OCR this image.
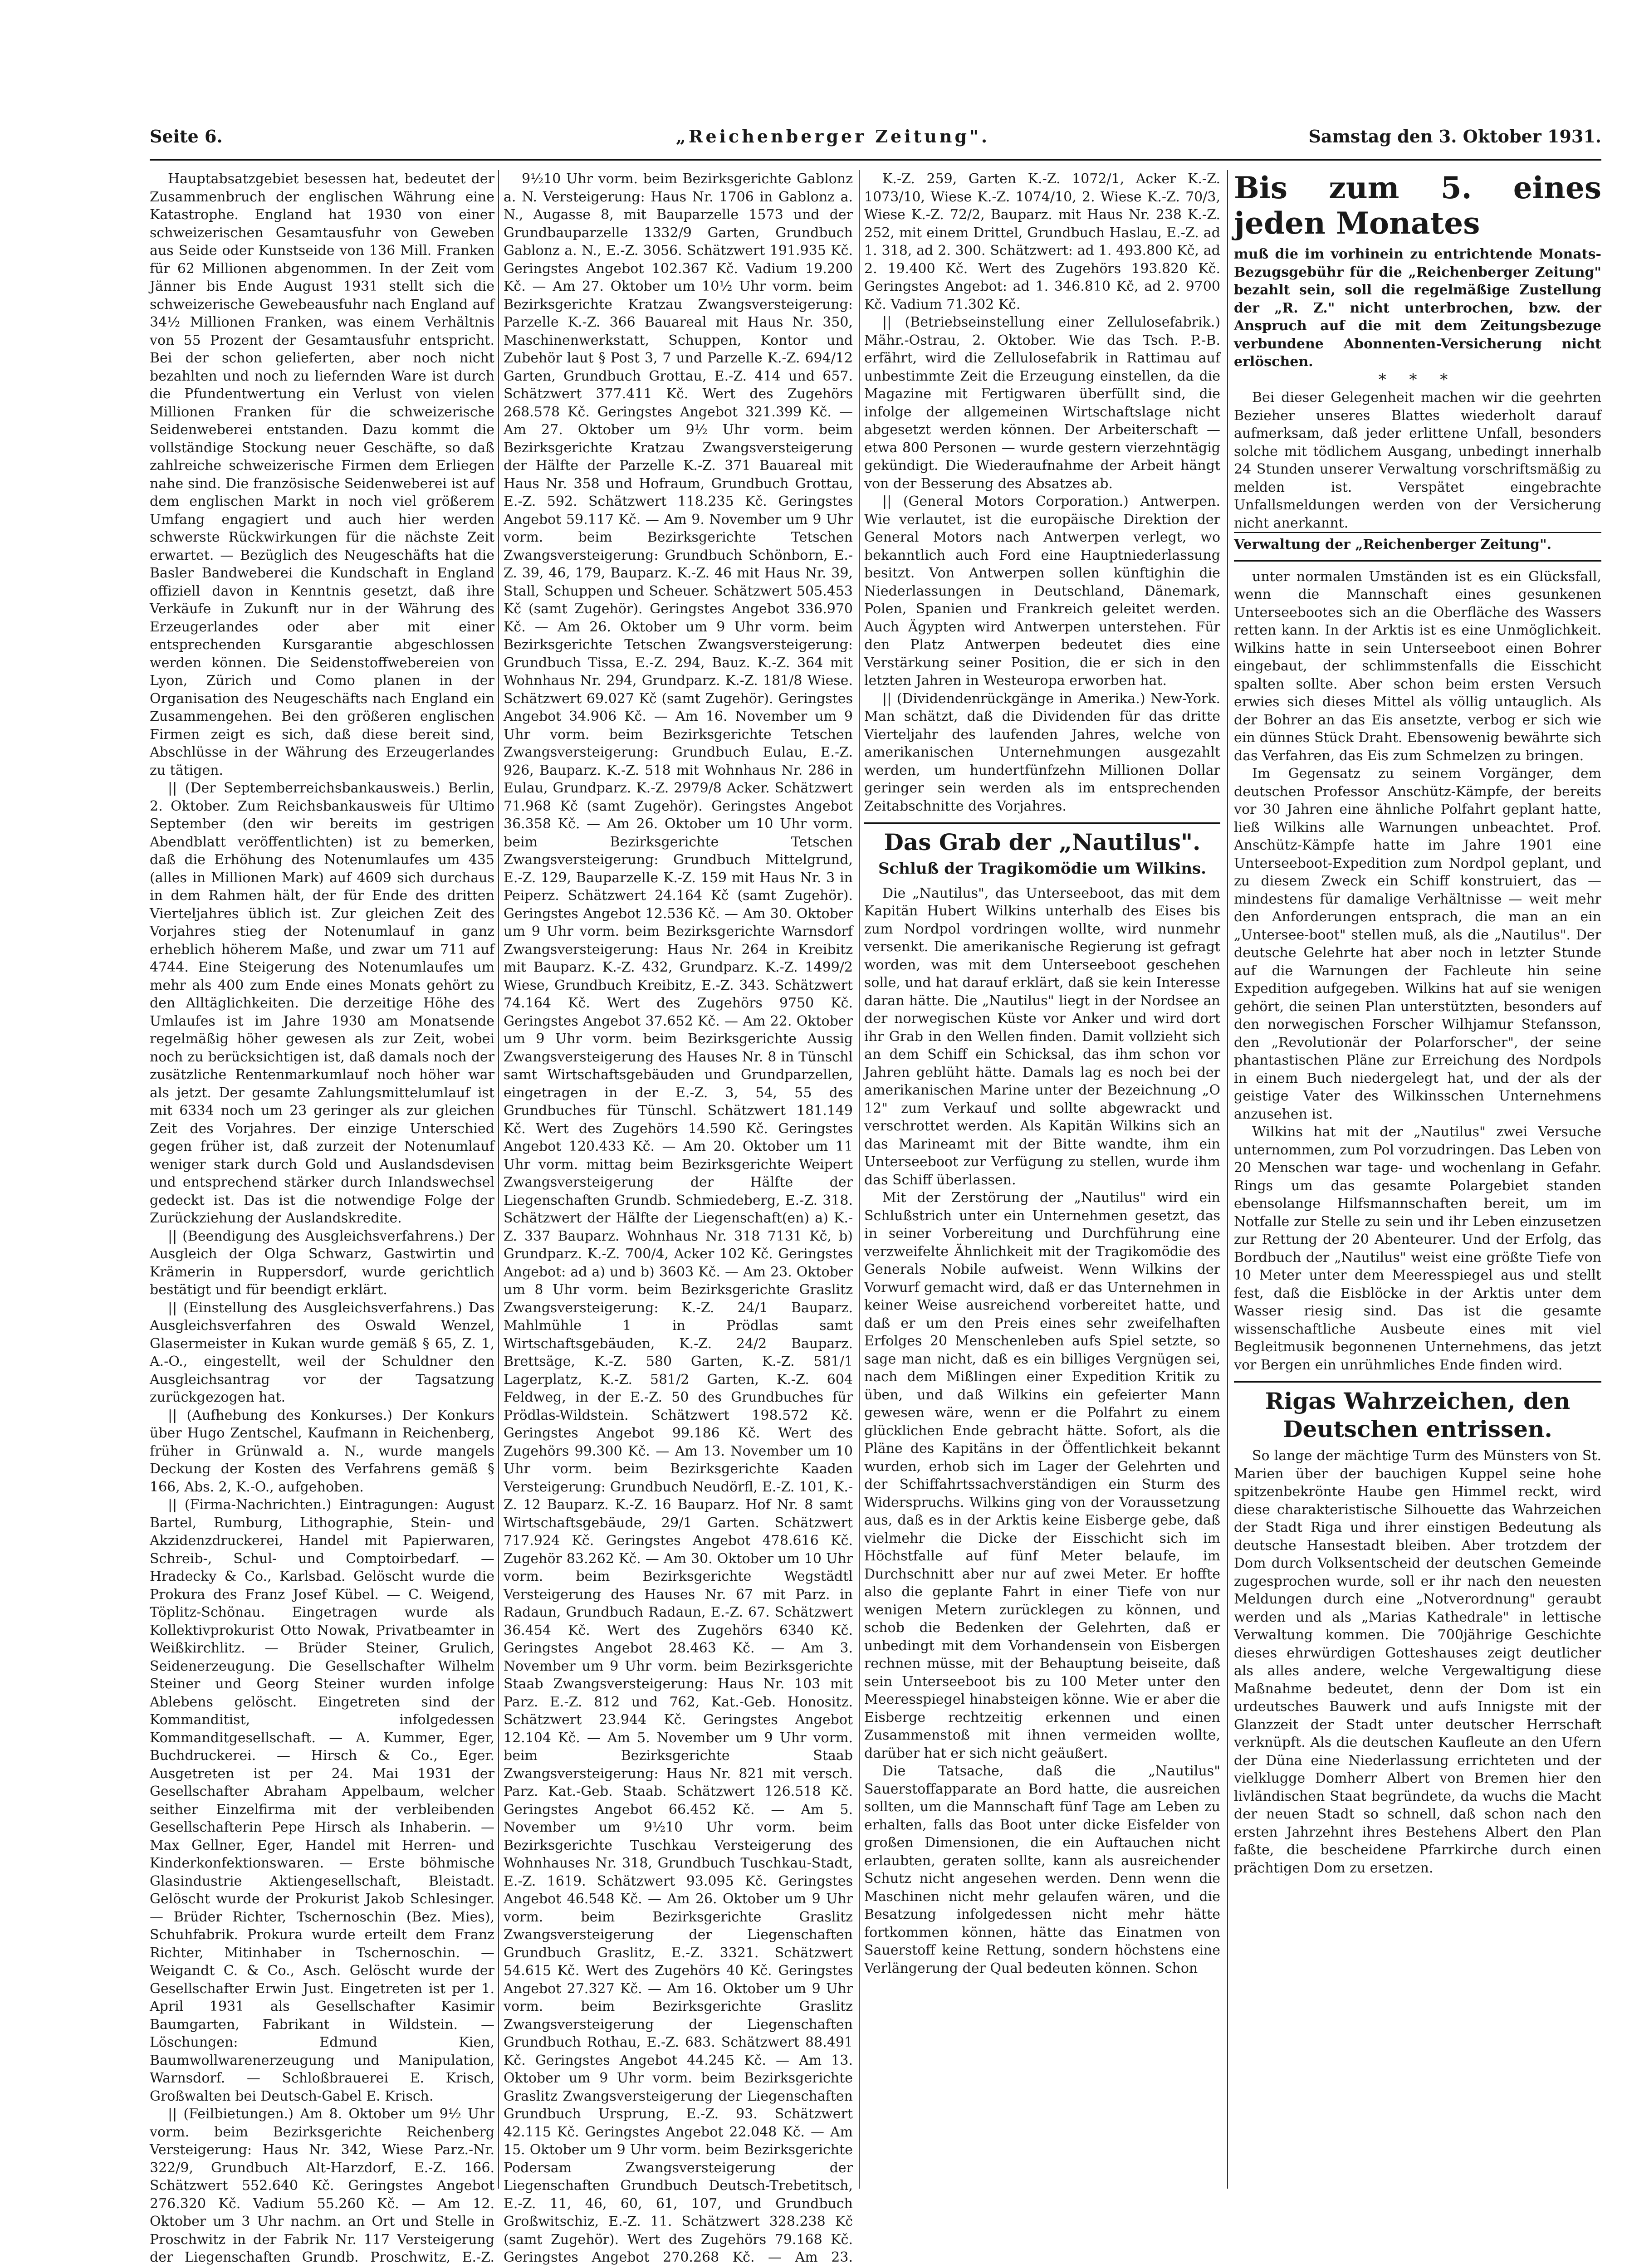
Seite 6.	„Reichenberger Zeitung".	Samstag den 3. Oktober 1931.

Hauptabsatzgebiet besessen hat, bedeutet der Zusammenbruch der englischen Währung eine Katastrophe. England hat 1930 von einer schweizerischen Gesamtausfuhr von Geweben aus Seide oder Kunstseide von 136 Mill. Franken für 62 Millionen abgenommen. In der Zeit vom Jänner bis Ende August 1931 stellt sich die schweizerische Gewebeausfuhr nach England auf 34½ Millionen Franken, was einem Verhältnis von 55 Prozent der Gesamtausfuhr entspricht. Bei der schon gelieferten, aber noch nicht bezahlten und noch zu liefernden Ware ist durch die Pfundentwertung ein Verlust von vielen Millionen Franken für die schweizerische Seidenweberei entstanden. Dazu kommt die vollständige Stockung neuer Geschäfte, so daß zahlreiche schweizerische Firmen dem Erliegen nahe sind. Die französische Seidenweberei ist auf dem englischen Markt in noch viel größerem Umfang engagiert und auch hier werden schwerste Rückwirkungen für die nächste Zeit erwartet. — Bezüglich des Neugeschäfts hat die Basler Bandweberei die Kundschaft in England offiziell davon in Kenntnis gesetzt, daß ihre Verkäufe in Zukunft nur in der Währung des Erzeugerlandes oder aber mit einer entsprechenden Kursgarantie abgeschlossen werden können. Die Seidenstoffwebereien von Lyon, Zürich und Como planen in der Organisation des Neugeschäfts nach England ein Zusammengehen. Bei den größeren englischen Firmen zeigt es sich, daß diese bereit sind, Abschlüsse in der Währung des Erzeugerlandes zu tätigen.

|| (Der Septemberreichsbankausweis.) Berlin, 2. Oktober. Zum Reichsbankausweis für Ultimo September (den wir bereits im gestrigen Abendblatt veröffentlichten) ist zu bemerken, daß die Erhöhung des Notenumlaufes um 435 (alles in Millionen Mark) auf 4609 sich durchaus in dem Rahmen hält, der für Ende des dritten Vierteljahres üblich ist. Zur gleichen Zeit des Vorjahres stieg der Notenumlauf in ganz erheblich höherem Maße, und zwar um 711 auf 4744. Eine Steigerung des Notenumlaufes um mehr als 400 zum Ende eines Monats gehört zu den Alltäglichkeiten. Die derzeitige Höhe des Umlaufes ist im Jahre 1930 am Monatsende regelmäßig höher gewesen als zur Zeit, wobei noch zu berücksichtigen ist, daß damals noch der zusätzliche Rentenmarkumlauf noch höher war als jetzt. Der gesamte Zahlungsmittelumlauf ist mit 6334 noch um 23 geringer als zur gleichen Zeit des Vorjahres. Der einzige Unterschied gegen früher ist, daß zurzeit der Notenumlauf weniger stark durch Gold und Auslandsdevisen und entsprechend stärker durch Inlandswechsel gedeckt ist. Das ist die notwendige Folge der Zurückziehung der Auslandskredite.

|| (Beendigung des Ausgleichsverfahrens.) Der Ausgleich der Olga Schwarz, Gastwirtin und Krämerin in Ruppersdorf, wurde gerichtlich bestätigt und für beendigt erklärt.

|| (Einstellung des Ausgleichsverfahrens.) Das Ausgleichsverfahren des Oswald Wenzel, Glasermeister in Kukan wurde gemäß § 65, Z. 1, A.-O., eingestellt, weil der Schuldner den Ausgleichsantrag vor der Tagsatzung zurückgezogen hat.

|| (Aufhebung des Konkurses.) Der Konkurs über Hugo Zentschel, Kaufmann in Reichenberg, früher in Grünwald a. N., wurde mangels Deckung der Kosten des Verfahrens gemäß § 166, Abs. 2, K.-O., aufgehoben.

|| (Firma-Nachrichten.) Eintragungen: August Bartel, Rumburg, Lithographie, Stein- und Akzidenzdruckerei, Handel mit Papierwaren, Schreib-, Schul- und Comptoirbedarf. — Hradecky & Co., Karlsbad. Gelöscht wurde die Prokura des Franz Josef Kübel. — C. Weigend, Töplitz-Schönau. Eingetragen wurde als Kollektivprokurist Otto Nowak, Privatbeamter in Weißkirchlitz. — Brüder Steiner, Grulich, Seidenerzeugung. Die Gesellschafter Wilhelm Steiner und Georg Steiner wurden infolge Ablebens gelöscht. Eingetreten sind der Kommanditist, infolgedessen Kommanditgesellschaft. — A. Kummer, Eger, Buchdruckerei. — Hirsch & Co., Eger. Ausgetreten ist per 24. Mai 1931 der Gesellschafter Abraham Appelbaum, welcher seither Einzelfirma mit der verbleibenden Gesellschafterin Pepe Hirsch als Inhaberin. — Max Gellner, Eger, Handel mit Herren- und Kinderkonfektionswaren. — Erste böhmische Glasindustrie Aktiengesellschaft, Bleistadt. Gelöscht wurde der Prokurist Jakob Schlesinger. — Brüder Richter, Tschernoschin (Bez. Mies), Schuhfabrik. Prokura wurde erteilt dem Franz Richter, Mitinhaber in Tschernoschin. — Weigandt C. & Co., Asch. Gelöscht wurde der Gesellschafter Erwin Just. Eingetreten ist per 1. April 1931 als Gesellschafter Kasimir Baumgarten, Fabrikant in Wildstein. — Löschungen: Edmund Kien, Baumwollwarenerzeugung und Manipulation, Warnsdorf. — Schloßbrauerei E. Krisch, Großwalten bei Deutsch-Gabel E. Krisch.

|| (Feilbietungen.) Am 8. Oktober um 9½ Uhr vorm. beim Bezirksgerichte Reichenberg Versteigerung: Haus Nr. 342, Wiese Parz.-Nr. 322/9, Grundbuch Alt-Harzdorf, E.-Z. 166. Schätzwert 552.640 Kč. Geringstes Angebot 276.320 Kč. Vadium 55.260 Kč. — Am 12. Oktober um 3 Uhr nachm. an Ort und Stelle in Proschwitz in der Fabrik Nr. 117 Versteigerung der Liegenschaften Grundb. Proschwitz, E.-Z.

9½10 Uhr vorm. beim Bezirksgerichte Gablonz a. N. Versteigerung: Haus Nr. 1706 in Gablonz a. N., Augasse 8, mit Bauparzelle 1573 und der Grundbauparzelle 1332/9 Garten, Grundbuch Gablonz a. N., E.-Z. 3056. Schätzwert 191.935 Kč. Geringstes Angebot 102.367 Kč. Vadium 19.200 Kč. — Am 27. Oktober um 10½ Uhr vorm. beim Bezirksgerichte Kratzau Zwangsversteigerung: Parzelle K.-Z. 366 Bauareal mit Haus Nr. 350, Maschinenwerkstatt, Schuppen, Kontor und Zubehör laut § Post 3, 7 und Parzelle K.-Z. 694/12 Garten, Grundbuch Grottau, E.-Z. 414 und 657. Schätzwert 377.411 Kč. Wert des Zugehörs 268.578 Kč. Geringstes Angebot 321.399 Kč. — Am 27. Oktober um 9½ Uhr vorm. beim Bezirksgerichte Kratzau Zwangsversteigerung der Hälfte der Parzelle K.-Z. 371 Bauareal mit Haus Nr. 358 und Hofraum, Grundbuch Grottau, E.-Z. 592. Schätzwert 118.235 Kč. Geringstes Angebot 59.117 Kč. — Am 9. November um 9 Uhr vorm. beim Bezirksgerichte Tetschen Zwangsversteigerung: Grundbuch Schönborn, E.-Z. 39, 46, 179, Bauparz. K.-Z. 46 mit Haus Nr. 39, Stall, Schuppen und Scheuer. Schätzwert 505.453 Kč (samt Zugehör). Geringstes Angebot 336.970 Kč. — Am 26. Oktober um 9 Uhr vorm. beim Bezirksgerichte Tetschen Zwangsversteigerung: Grundbuch Tissa, E.-Z. 294, Bauz. K.-Z. 364 mit Wohnhaus Nr. 294, Grundparz. K.-Z. 181/8 Wiese. Schätzwert 69.027 Kč (samt Zugehör). Geringstes Angebot 34.906 Kč. — Am 16. November um 9 Uhr vorm. beim Bezirksgerichte Tetschen Zwangsversteigerung: Grundbuch Eulau, E.-Z. 926, Bauparz. K.-Z. 518 mit Wohnhaus Nr. 286 in Eulau, Grundparz. K.-Z. 2979/8 Acker. Schätzwert 71.968 Kč (samt Zugehör). Geringstes Angebot 36.358 Kč. — Am 26. Oktober um 10 Uhr vorm. beim Bezirksgerichte Tetschen Zwangsversteigerung: Grundbuch Mittelgrund, E.-Z. 129, Bauparzelle K.-Z. 159 mit Haus Nr. 3 in Peiperz. Schätzwert 24.164 Kč (samt Zugehör). Geringstes Angebot 12.536 Kč. — Am 30. Oktober um 9 Uhr vorm. beim Bezirksgerichte Warnsdorf Zwangsversteigerung: Haus Nr. 264 in Kreibitz mit Bauparz. K.-Z. 432, Grundparz. K.-Z. 1499/2 Wiese, Grundbuch Kreibitz, E.-Z. 343. Schätzwert 74.164 Kč. Wert des Zugehörs 9750 Kč. Geringstes Angebot 37.652 Kč. — Am 22. Oktober um 9 Uhr vorm. beim Bezirksgerichte Aussig Zwangsversteigerung des Hauses Nr. 8 in Tünschl samt Wirtschaftsgebäuden und Grundparzellen, eingetragen in der E.-Z. 3, 54, 55 des Grundbuches für Tünschl. Schätzwert 181.149 Kč. Wert des Zugehörs 14.590 Kč. Geringstes Angebot 120.433 Kč. — Am 20. Oktober um 11 Uhr vorm. mittag beim Bezirksgerichte Weipert Zwangsversteigerung der Hälfte der Liegenschaften Grundb. Schmiedeberg, E.-Z. 318. Schätzwert der Hälfte der Liegenschaft(en) a) K.-Z. 337 Bauparz. Wohnhaus Nr. 318 7131 Kč, b) Grundparz. K.-Z. 700/4, Acker 102 Kč. Geringstes Angebot: ad a) und b) 3603 Kč. — Am 23. Oktober um 8 Uhr vorm. beim Bezirksgerichte Graslitz Zwangsversteigerung: K.-Z. 24/1 Bauparz. Mahlmühle 1 in Prödlas samt Wirtschaftsgebäuden, K.-Z. 24/2 Bauparz. Brettsäge, K.-Z. 580 Garten, K.-Z. 581/1 Lagerplatz, K.-Z. 581/2 Garten, K.-Z. 604 Feldweg, in der E.-Z. 50 des Grundbuches für Prödlas-Wildstein. Schätzwert 198.572 Kč. Geringstes Angebot 99.186 Kč. Wert des Zugehörs 99.300 Kč. — Am 13. November um 10 Uhr vorm. beim Bezirksgerichte Kaaden Versteigerung: Grundbuch Neudörfl, E.-Z. 101, K.-Z. 12 Bauparz. K.-Z. 16 Bauparz. Hof Nr. 8 samt Wirtschaftsgebäude, 29/1 Garten. Schätzwert 717.924 Kč. Geringstes Angebot 478.616 Kč. Zugehör 83.262 Kč. — Am 30. Oktober um 10 Uhr vorm. beim Bezirksgerichte Wegstädtl Versteigerung des Hauses Nr. 67 mit Parz. in Radaun, Grundbuch Radaun, E.-Z. 67. Schätzwert 36.454 Kč. Wert des Zugehörs 6340 Kč. Geringstes Angebot 28.463 Kč. — Am 3. November um 9 Uhr vorm. beim Bezirksgerichte Staab Zwangsversteigerung: Haus Nr. 103 mit Parz. E.-Z. 812 und 762, Kat.-Geb. Honositz. Schätzwert 23.944 Kč. Geringstes Angebot 12.104 Kč. — Am 5. November um 9 Uhr vorm. beim Bezirksgerichte Staab Zwangsversteigerung: Haus Nr. 821 mit versch. Parz. Kat.-Geb. Staab. Schätzwert 126.518 Kč. Geringstes Angebot 66.452 Kč. — Am 5. November um 9½10 Uhr vorm. beim Bezirksgerichte Tuschkau Versteigerung des Wohnhauses Nr. 318, Grundbuch Tuschkau-Stadt, E.-Z. 1619. Schätzwert 93.095 Kč. Geringstes Angebot 46.548 Kč. — Am 26. Oktober um 9 Uhr vorm. beim Bezirksgerichte Graslitz Zwangsversteigerung der Liegenschaften Grundbuch Graslitz, E.-Z. 3321. Schätzwert 54.615 Kč. Wert des Zugehörs 40 Kč. Geringstes Angebot 27.327 Kč. — Am 16. Oktober um 9 Uhr vorm. beim Bezirksgerichte Graslitz Zwangsversteigerung der Liegenschaften Grundbuch Rothau, E.-Z. 683. Schätzwert 88.491 Kč. Geringstes Angebot 44.245 Kč. — Am 13. Oktober um 9 Uhr vorm. beim Bezirksgerichte Graslitz Zwangsversteigerung der Liegenschaften Grundbuch Ursprung, E.-Z. 93. Schätzwert 42.115 Kč. Geringstes Angebot 22.048 Kč. — Am 15. Oktober um 9 Uhr vorm. beim Bezirksgerichte Podersam Zwangsversteigerung der Liegenschaften Grundbuch Deutsch-Trebetitsch, E.-Z. 11, 46, 60, 61, 107, und Grundbuch Großwitschiz, E.-Z. 11. Schätzwert 328.238 Kč (samt Zugehör). Wert des Zugehörs 79.168 Kč. Geringstes Angebot 270.268 Kč. — Am 23.

K.-Z. 259, Garten K.-Z. 1072/1, Acker K.-Z. 1073/10, Wiese K.-Z. 1074/10, 2. Wiese K.-Z. 70/3, Wiese K.-Z. 72/2, Bauparz. mit Haus Nr. 238 K.-Z. 252, mit einem Drittel, Grundbuch Haslau, E.-Z. ad 1. 318, ad 2. 300. Schätzwert: ad 1. 493.800 Kč, ad 2. 19.400 Kč. Wert des Zugehörs 193.820 Kč. Geringstes Angebot: ad 1. 346.810 Kč, ad 2. 9700 Kč. Vadium 71.302 Kč.

|| (Betriebseinstellung einer Zellulosefabrik.) Mähr.-Ostrau, 2. Oktober. Wie das Tsch. P.-B. erfährt, wird die Zellulosefabrik in Rattimau auf unbestimmte Zeit die Erzeugung einstellen, da die Magazine mit Fertigwaren überfüllt sind, die infolge der allgemeinen Wirtschaftslage nicht abgesetzt werden können. Der Arbeiterschaft — etwa 800 Personen — wurde gestern vierzehntägig gekündigt. Die Wiederaufnahme der Arbeit hängt von der Besserung des Absatzes ab.

|| (General Motors Corporation.) Antwerpen. Wie verlautet, ist die europäische Direktion der General Motors nach Antwerpen verlegt, wo bekanntlich auch Ford eine Hauptniederlassung besitzt. Von Antwerpen sollen künftighin die Niederlassungen in Deutschland, Dänemark, Polen, Spanien und Frankreich geleitet werden. Auch Ägypten wird Antwerpen unterstehen. Für den Platz Antwerpen bedeutet dies eine Verstärkung seiner Position, die er sich in den letzten Jahren in Westeuropa erworben hat.

|| (Dividendenrückgänge in Amerika.) New-York. Man schätzt, daß die Dividenden für das dritte Vierteljahr des laufenden Jahres, welche von amerikanischen Unternehmungen ausgezahlt werden, um hundertfünfzehn Millionen Dollar geringer sein werden als im entsprechenden Zeitabschnitte des Vorjahres.

Das Grab der „Nautilus".
Schluß der Tragikomödie um Wilkins.

Die „Nautilus", das Unterseeboot, das mit dem Kapitän Hubert Wilkins unterhalb des Eises bis zum Nordpol vordringen wollte, wird nunmehr versenkt. Die amerikanische Regierung ist gefragt worden, was mit dem Unterseeboot geschehen solle, und hat darauf erklärt, daß sie kein Interesse daran hätte. Die „Nautilus" liegt in der Nordsee an der norwegischen Küste vor Anker und wird dort ihr Grab in den Wellen finden. Damit vollzieht sich an dem Schiff ein Schicksal, das ihm schon vor Jahren geblüht hätte. Damals lag es noch bei der amerikanischen Marine unter der Bezeichnung „O 12" zum Verkauf und sollte abgewrackt und verschrottet werden. Als Kapitän Wilkins sich an das Marineamt mit der Bitte wandte, ihm ein Unterseeboot zur Verfügung zu stellen, wurde ihm das Schiff überlassen.

Mit der Zerstörung der „Nautilus" wird ein Schlußstrich unter ein Unternehmen gesetzt, das in seiner Vorbereitung und Durchführung eine verzweifelte Ähnlichkeit mit der Tragikomödie des Generals Nobile aufweist. Wenn Wilkins der Vorwurf gemacht wird, daß er das Unternehmen in keiner Weise ausreichend vorbereitet hatte, und daß er um den Preis eines sehr zweifelhaften Erfolges 20 Menschenleben aufs Spiel setzte, so sage man nicht, daß es ein billiges Vergnügen sei, nach dem Mißlingen einer Expedition Kritik zu üben, und daß Wilkins ein gefeierter Mann gewesen wäre, wenn er die Polfahrt zu einem glücklichen Ende gebracht hätte. Sofort, als die Pläne des Kapitäns in der Öffentlichkeit bekannt wurden, erhob sich im Lager der Gelehrten und der Schiffahrtssachverständigen ein Sturm des Widerspruchs. Wilkins ging von der Voraussetzung aus, daß es in der Arktis keine Eisberge gebe, daß vielmehr die Dicke der Eisschicht sich im Höchstfalle auf fünf Meter belaufe, im Durchschnitt aber nur auf zwei Meter. Er hoffte also die geplante Fahrt in einer Tiefe von nur wenigen Metern zurücklegen zu können, und schob die Bedenken der Gelehrten, daß er unbedingt mit dem Vorhandensein von Eisbergen rechnen müsse, mit der Behauptung beiseite, daß sein Unterseeboot bis zu 100 Meter unter den Meeresspiegel hinabsteigen könne. Wie er aber die Eisberge rechtzeitig erkennen und einen Zusammenstoß mit ihnen vermeiden wollte, darüber hat er sich nicht geäußert.

Die Tatsache, daß die „Nautilus" Sauerstoffapparate an Bord hatte, die ausreichen sollten, um die Mannschaft fünf Tage am Leben zu erhalten, falls das Boot unter dicke Eisfelder von großen Dimensionen, die ein Auftauchen nicht erlaubten, geraten sollte, kann als ausreichender Schutz nicht angesehen werden. Denn wenn die Maschinen nicht mehr gelaufen wären, und die Besatzung infolgedessen nicht mehr hätte fortkommen können, hätte das Einatmen von Sauerstoff keine Rettung, sondern höchstens eine Verlängerung der Qual bedeuten können. Schon

Bis zum 5. eines jeden Monates

muß die im vorhinein zu entrichtende Monats-Bezugsgebühr für die „Reichenberger Zeitung" bezahlt sein, soll die regelmäßige Zustellung der „R. Z." nicht unterbrochen, bzw. der Anspruch auf die mit dem Zeitungsbezuge verbundene Abonnenten-Versicherung nicht erlöschen.

* * *

Bei dieser Gelegenheit machen wir die geehrten Bezieher unseres Blattes wiederholt darauf aufmerksam, daß jeder erlittene Unfall, besonders solche mit tödlichem Ausgang, unbedingt innerhalb 24 Stunden unserer Verwaltung vorschriftsmäßig zu melden ist. Verspätet eingebrachte Unfallsmeldungen werden von der Versicherung nicht anerkannt.

Verwaltung der „Reichenberger Zeitung".

unter normalen Umständen ist es ein Glücksfall, wenn die Mannschaft eines gesunkenen Unterseebootes sich an die Oberfläche des Wassers retten kann. In der Arktis ist es eine Unmöglichkeit. Wilkins hatte in sein Unterseeboot einen Bohrer eingebaut, der schlimmstenfalls die Eisschicht spalten sollte. Aber schon beim ersten Versuch erwies sich dieses Mittel als völlig untauglich. Als der Bohrer an das Eis ansetzte, verbog er sich wie ein dünnes Stück Draht. Ebensowenig bewährte sich das Verfahren, das Eis zum Schmelzen zu bringen.

Im Gegensatz zu seinem Vorgänger, dem deutschen Professor Anschütz-Kämpfe, der bereits vor 30 Jahren eine ähnliche Polfahrt geplant hatte, ließ Wilkins alle Warnungen unbeachtet. Prof. Anschütz-Kämpfe hatte im Jahre 1901 eine Unterseeboot-Expedition zum Nordpol geplant, und zu diesem Zweck ein Schiff konstruiert, das — mindestens für damalige Verhältnisse — weit mehr den Anforderungen entsprach, die man an ein „Untersee-boot" stellen muß, als die „Nautilus". Der deutsche Gelehrte hat aber noch in letzter Stunde auf die Warnungen der Fachleute hin seine Expedition aufgegeben. Wilkins hat auf sie wenigen gehört, die seinen Plan unterstützten, besonders auf den norwegischen Forscher Wilhjamur Stefansson, den „Revolutionär der Polarforscher", der seine phantastischen Pläne zur Erreichung des Nordpols in einem Buch niedergelegt hat, und der als der geistige Vater des Wilkinsschen Unternehmens anzusehen ist.

Wilkins hat mit der „Nautilus" zwei Versuche unternommen, zum Pol vorzudringen. Das Leben von 20 Menschen war tage- und wochenlang in Gefahr. Rings um das gesamte Polargebiet standen ebensolange Hilfsmannschaften bereit, um im Notfalle zur Stelle zu sein und ihr Leben einzusetzen zur Rettung der 20 Abenteurer. Und der Erfolg, das Bordbuch der „Nautilus" weist eine größte Tiefe von 10 Meter unter dem Meeresspiegel aus und stellt fest, daß die Eisblöcke in der Arktis unter dem Wasser riesig sind. Das ist die gesamte wissenschaftliche Ausbeute eines mit viel Begleitmusik begonnenen Unternehmens, das jetzt vor Bergen ein unrühmliches Ende finden wird.

Rigas Wahrzeichen, den Deutschen entrissen.

So lange der mächtige Turm des Münsters von St. Marien über der bauchigen Kuppel seine hohe spitzenbekrönte Haube gen Himmel reckt, wird diese charakteristische Silhouette das Wahrzeichen der Stadt Riga und ihrer einstigen Bedeutung als deutsche Hansestadt bleiben. Aber trotzdem der Dom durch Volksentscheid der deutschen Gemeinde zugesprochen wurde, soll er ihr nach den neuesten Meldungen durch eine „Notverordnung" geraubt werden und als „Marias Kathedrale" in lettische Verwaltung kommen. Die 700jährige Geschichte dieses ehrwürdigen Gotteshauses zeigt deutlicher als alles andere, welche Vergewaltigung diese Maßnahme bedeutet, denn der Dom ist ein urdeutsches Bauwerk und aufs Innigste mit der Glanzzeit der Stadt unter deutscher Herrschaft verknüpft. Als die deutschen Kaufleute an den Ufern der Düna eine Niederlassung errichteten und der vielklugge Domherr Albert von Bremen hier den livländischen Staat begründete, da wuchs die Macht der neuen Stadt so schnell, daß schon nach den ersten Jahrzehnt ihres Bestehens Albert den Plan faßte, die bescheidene Pfarrkirche durch einen prächtigen Dom zu ersetzen.
